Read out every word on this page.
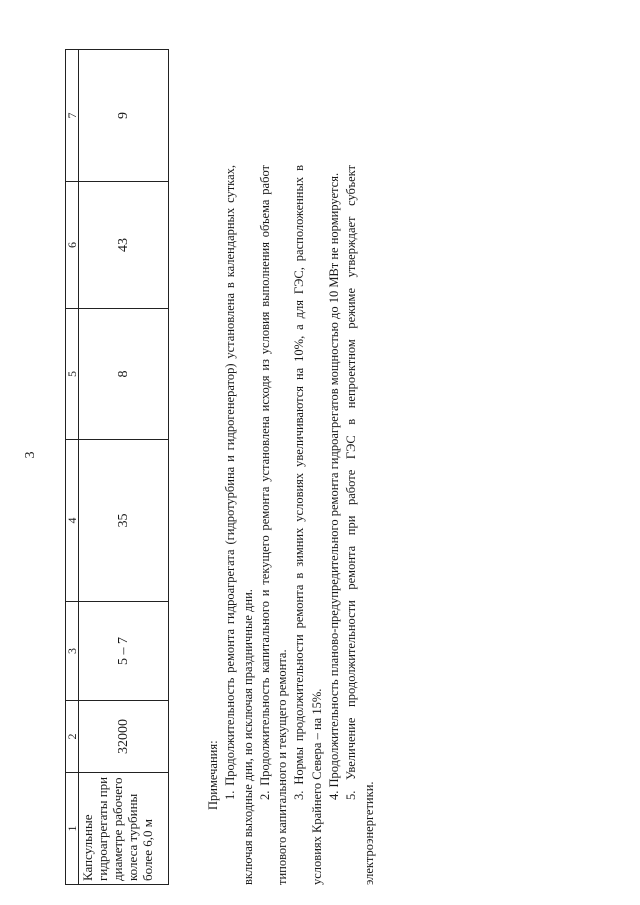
3
1	2	3	4	5	6	7
Капсульные гидроагрегаты при диаметре рабочего колеса турбины более 6,0 м	32000	5 – 7	35	8	43	9

Примечания: 1. Продолжительность ремонта гидроагрегата (гидротурбина и гидрогенератор) установлена в календарных сутках, включая выходные дни, но исключая праздничные дни. 2. Продолжительность капитального и текущего ремонта установлена исходя из условия выполнения объема работ типового капитального и текущего ремонта. 3. Нормы продолжительности ремонта в зимних условиях увеличиваются на 10%, а для ГЭС, расположенных в условиях Крайнего Севера – на 15%. 4. Продолжительность планово-предупредительного ремонта гидроагрегатов мощностью до 10 МВт не нормируется. 5. Увеличение продолжительности ремонта при работе ГЭС в непроектном режиме утверждает субъект электроэнергетики.
